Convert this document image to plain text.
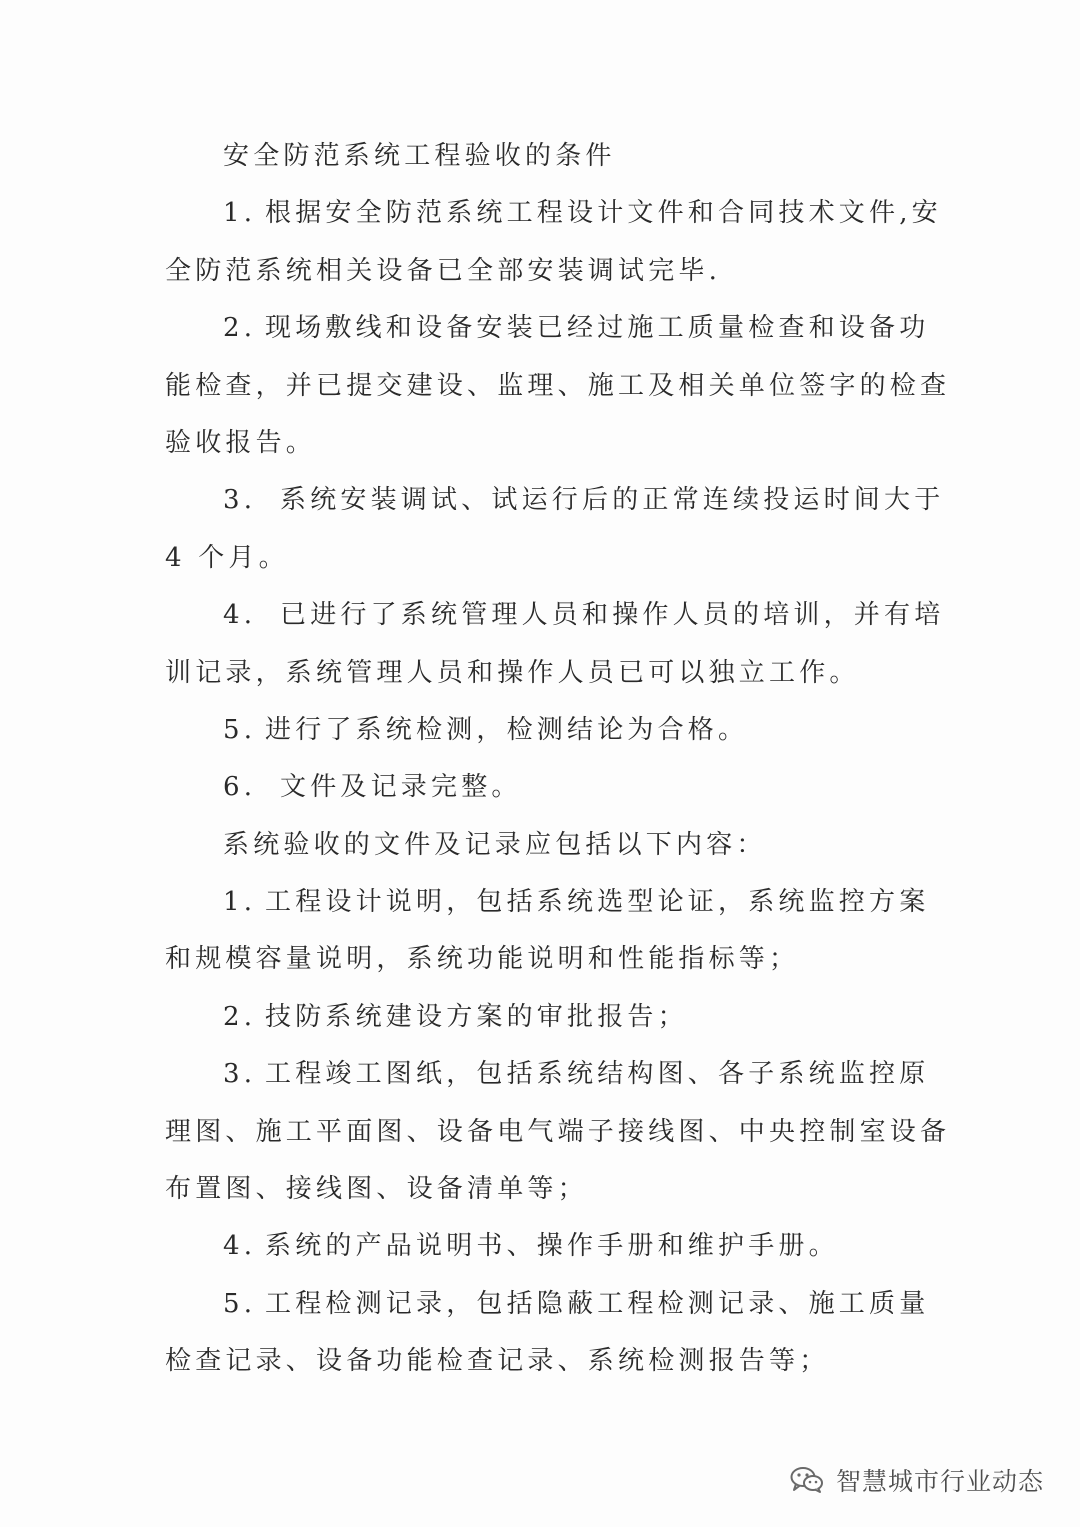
安全防范系统工程验收的条件
1. 根据安全防范系统工程设计文件和合同技术文件,安
全防范系统相关设备已全部安装调试完毕.
2. 现场敷线和设备安装已经过施工质量检查和设备功
能检查，并已提交建设、监理、施工及相关单位签字的检查
验收报告。
3. 系统安装调试、试运行后的正常连续投运时间大于
4 个月。
4. 已进行了系统管理人员和操作人员的培训，并有培
训记录，系统管理人员和操作人员已可以独立工作。
5. 进行了系统检测，检测结论为合格。
6. 文件及记录完整。
系统验收的文件及记录应包括以下内容：
1. 工程设计说明，包括系统选型论证，系统监控方案
和规模容量说明，系统功能说明和性能指标等；
2. 技防系统建设方案的审批报告；
3. 工程竣工图纸，包括系统结构图、各子系统监控原
理图、施工平面图、设备电气端子接线图、中央控制室设备
布置图、接线图、设备清单等；
4. 系统的产品说明书、操作手册和维护手册。
5. 工程检测记录，包括隐蔽工程检测记录、施工质量
检查记录、设备功能检查记录、系统检测报告等；
智慧城市行业动态
